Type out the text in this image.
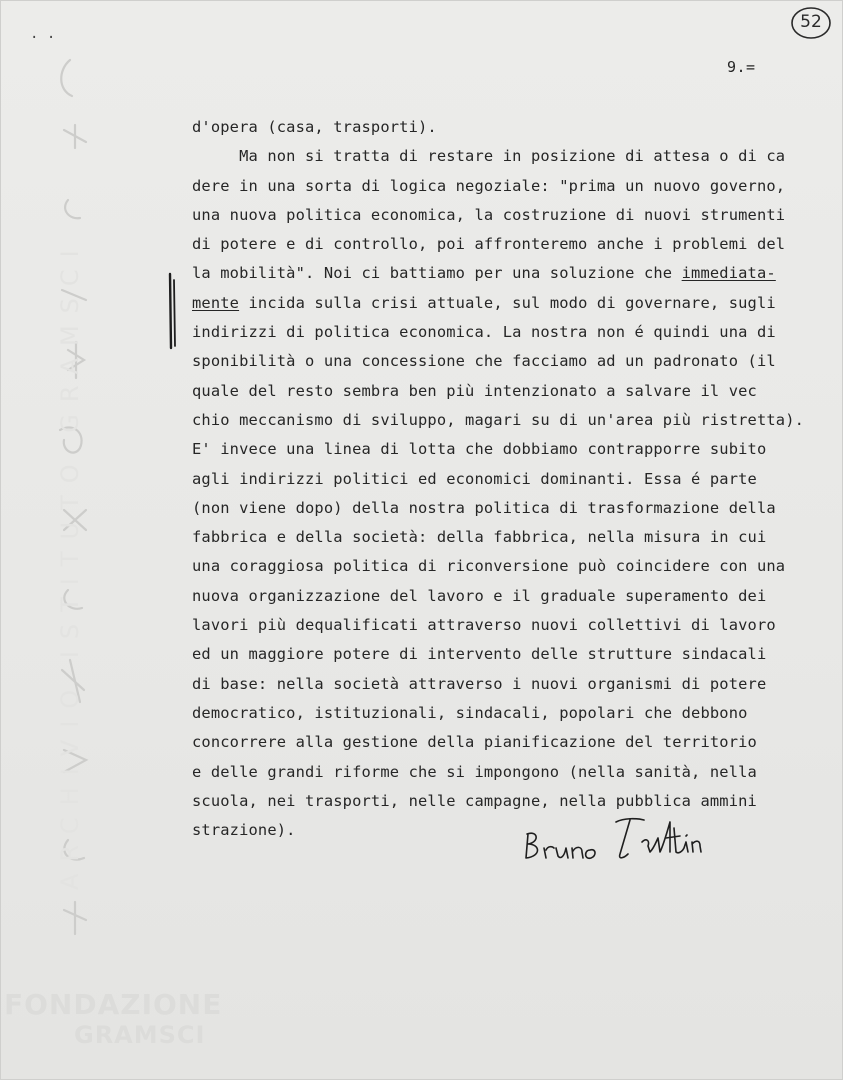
. .
52
9.=
ARCHIVIO ISTITUTO GRAMSCI
d'opera (casa, trasporti).
Ma non si tratta di restare in posizione di attesa o di ca
dere in una sorta di logica negoziale: "prima un nuovo governo,
una nuova politica economica, la costruzione di nuovi strumenti
di potere e di controllo, poi affronteremo anche i problemi del
la mobilità". Noi ci battiamo per una soluzione che immediata-
mente incida sulla crisi attuale, sul modo di governare, sugli
indirizzi di politica economica. La nostra non é quindi una di
sponibilità o una concessione che facciamo ad un padronato (il
quale del resto sembra ben più intenzionato a salvare il vec
chio meccanismo di sviluppo, magari su di un'area più ristretta).
E' invece una linea di lotta che dobbiamo contrapporre subito
agli indirizzi politici ed economici dominanti. Essa é parte
(non viene dopo) della nostra politica di trasformazione della
fabbrica e della società: della fabbrica, nella misura in cui
una coraggiosa politica di riconversione può coincidere con una
nuova organizzazione del lavoro e il graduale superamento dei
lavori più dequalificati attraverso nuovi collettivi di lavoro
ed un maggiore potere di intervento delle strutture sindacali
di base: nella società attraverso i nuovi organismi di potere
democratico, istituzionali, sindacali, popolari che debbono
concorrere alla gestione della pianificazione del territorio
e delle grandi riforme che si impongono (nella sanità, nella
scuola, nei trasporti, nelle campagne, nella pubblica ammini
strazione).
Bruno Trentin
FONDAZIONE
GRAMSCI
